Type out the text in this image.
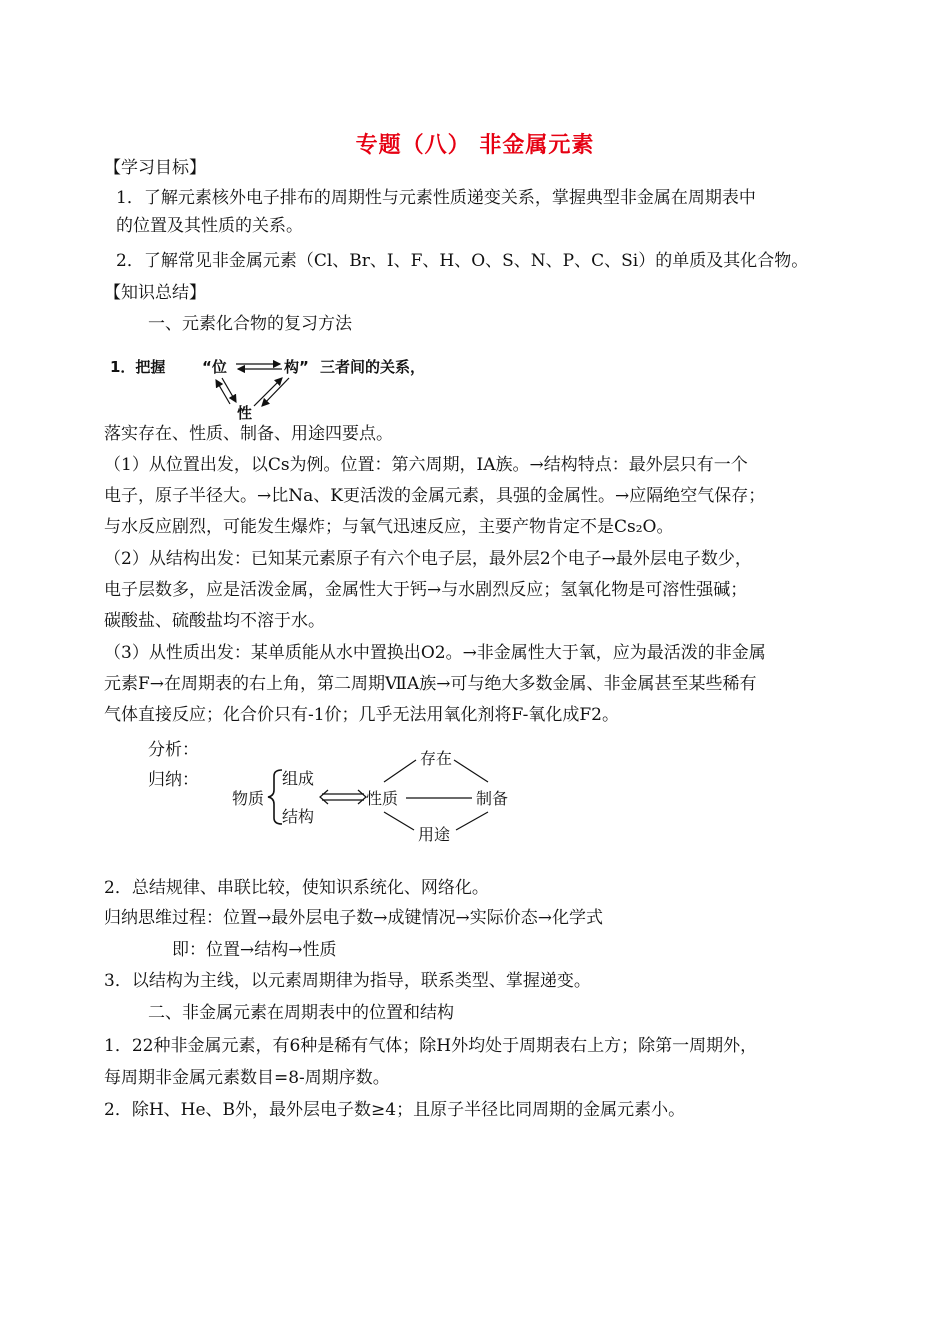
专题（八） 非金属元素
【学习目标】
1．了解元素核外电子排布的周期性与元素性质递变关系，掌握典型非金属在周期表中
的位置及其性质的关系。
2．了解常见非金属元素（Cl、Br、I、F、H、O、S、N、P、C、Si）的单质及其化合物。
【知识总结】
一、元素化合物的复习方法
1．把握 “位	构” 三者间的关系，
性
落实存在、性质、制备、用途四要点。
（1）从位置出发，以Cs为例。位置：第六周期，IA族。→结构特点：最外层只有一个
电子，原子半径大。→比Na、K更活泼的金属元素，具强的金属性。→应隔绝空气保存；
与水反应剧烈，可能发生爆炸；与氧气迅速反应，主要产物肯定不是Cs₂O。
（2）从结构出发：已知某元素原子有六个电子层，最外层2个电子→最外层电子数少，
电子层数多，应是活泼金属，金属性大于钙→与水剧烈反应；氢氧化物是可溶性强碱；
碳酸盐、硫酸盐均不溶于水。
（3）从性质出发：某单质能从水中置换出O2。→非金属性大于氧，应为最活泼的非金属
元素F→在周期表的右上角，第二周期ⅦA族→可与绝大多数金属、非金属甚至某些稀有
气体直接反应；化合价只有-1价；几乎无法用氧化剂将F-氧化成F2。
分析：
归纳：
物质
组成
结构
性质
存在
制备
用途
2．总结规律、串联比较，使知识系统化、网络化。
归纳思维过程：位置→最外层电子数→成键情况→实际价态→化学式
即：位置→结构→性质
3．以结构为主线，以元素周期律为指导，联系类型、掌握递变。
二、非金属元素在周期表中的位置和结构
1．22种非金属元素，有6种是稀有气体；除H外均处于周期表右上方；除第一周期外，
每周期非金属元素数目=8-周期序数。
2．除H、He、B外，最外层电子数≥4；且原子半径比同周期的金属元素小。
